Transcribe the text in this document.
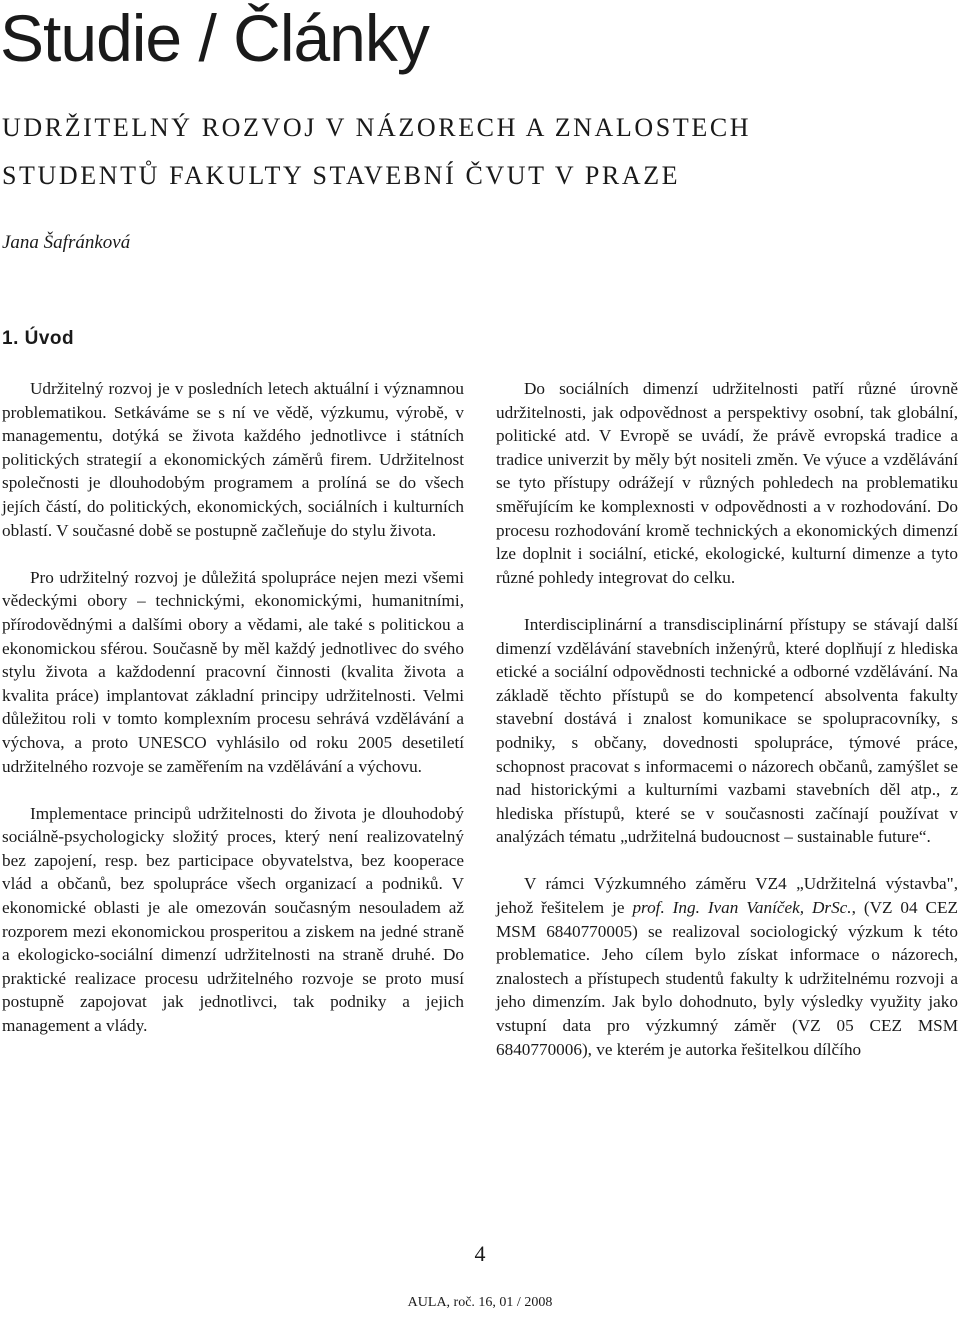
Studie / Články
UDRŽITELNÝ ROZVOJ V NÁZORECH A ZNALOSTECH
STUDENTŮ FAKULTY STAVEBNÍ ČVUT V PRAZE

Jana Šafránková

1. Úvod

Udržitelný rozvoj je v posledních letech aktuální i významnou problematikou. Setkáváme se s ní ve vědě, výzkumu, výrobě, v managementu, dotýká se života každého jednotlivce i státních politických strategií a ekonomických záměrů firem. Udržitelnost společnosti je dlouhodobým programem a prolíná se do všech jejích částí, do politických, ekonomických, sociálních i kulturních oblastí. V současné době se postupně začleňuje do stylu života.

Pro udržitelný rozvoj je důležitá spolupráce nejen mezi všemi vědeckými obory – technickými, ekonomickými, humanitními, přírodovědnými a dalšími obory a vědami, ale také s politickou a ekonomickou sférou. Současně by měl každý jednotlivec do svého stylu života a každodenní pracovní činnosti (kvalita života a kvalita práce) implantovat základní principy udržitelnosti. Velmi důležitou roli v tomto komplexním procesu sehrává vzdělávání a výchova, a proto UNESCO vyhlásilo od roku 2005 desetiletí udržitelného rozvoje se zaměřením na vzdělávání a výchovu.

Implementace principů udržitelnosti do života je dlouhodobý sociálně-psychologicky složitý proces, který není realizovatelný bez zapojení, resp. bez participace obyvatelstva, bez kooperace vlád a občanů, bez spolupráce všech organizací a podniků. V ekonomické oblasti je ale omezován současným nesouladem až rozporem mezi ekonomickou prosperitou a ziskem na jedné straně a ekologicko-sociální dimenzí udržitelnosti na straně druhé. Do praktické realizace procesu udržitelného rozvoje se proto musí postupně zapojovat jak jednotlivci, tak podniky a jejich management a vlády.

Do sociálních dimenzí udržitelnosti patří různé úrovně udržitelnosti, jak odpovědnost a perspektivy osobní, tak globální, politické atd. V Evropě se uvádí, že právě evropská tradice a tradice univerzit by měly být nositeli změn. Ve výuce a vzdělávání se tyto přístupy odrážejí v různých pohledech na problematiku směřujícím ke komplexnosti v odpovědnosti a v rozhodování. Do procesu rozhodování kromě technických a ekonomických dimenzí lze doplnit i sociální, etické, ekologické, kulturní dimenze a tyto různé pohledy integrovat do celku.

Interdisciplinární a transdisciplinární přístupy se stávají další dimenzí vzdělávání stavebních inženýrů, které doplňují z hlediska etické a sociální odpovědnosti technické a odborné vzdělávání. Na základě těchto přístupů se do kompetencí absolventa fakulty stavební dostává i znalost komunikace se spolupracovníky, s podniky, s občany, dovednosti spolupráce, týmové práce, schopnost pracovat s informacemi o názorech občanů, zamýšlet se nad historickými a kulturními vazbami stavebních děl atp., z hlediska přístupů, které se v současnosti začínají používat v analýzách tématu „udržitelná budoucnost – sustainable future“.

V rámci Výzkumného záměru VZ4 „Udržitelná výstavba", jehož řešitelem je prof. Ing. Ivan Vaníček, DrSc., (VZ 04 CEZ MSM 6840770005) se realizoval sociologický výzkum k této problematice. Jeho cílem bylo získat informace o názorech, znalostech a přístupech studentů fakulty k udržitelnému rozvoji a jeho dimenzím. Jak bylo dohodnuto, byly výsledky využity jako vstupní data pro výzkumný záměr (VZ 05 CEZ MSM 6840770006), ve kterém je autorka řešitelkou dílčího

4
AULA, roč. 16, 01 / 2008
